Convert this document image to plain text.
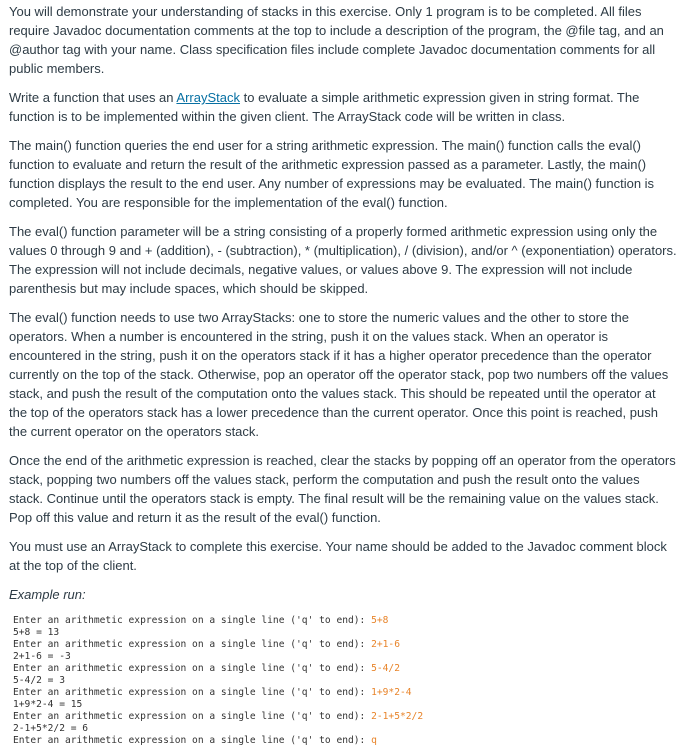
You will demonstrate your understanding of stacks in this exercise. Only 1 program is to be completed. All files require Javadoc documentation comments at the top to include a description of the program, the @file tag, and an @author tag with your name. Class specification files include complete Javadoc documentation comments for all public members.

Write a function that uses an ArrayStack to evaluate a simple arithmetic expression given in string format. The function is to be implemented within the given client. The ArrayStack code will be written in class.

The main() function queries the end user for a string arithmetic expression. The main() function calls the eval() function to evaluate and return the result of the arithmetic expression passed as a parameter. Lastly, the main() function displays the result to the end user. Any number of expressions may be evaluated. The main() function is completed. You are responsible for the implementation of the eval() function.

The eval() function parameter will be a string consisting of a properly formed arithmetic expression using only the values 0 through 9 and + (addition), - (subtraction), * (multiplication), / (division), and/or ^ (exponentiation) operators. The expression will not include decimals, negative values, or values above 9. The expression will not include parenthesis but may include spaces, which should be skipped.

The eval() function needs to use two ArrayStacks: one to store the numeric values and the other to store the operators. When a number is encountered in the string, push it on the values stack. When an operator is encountered in the string, push it on the operators stack if it has a higher operator precedence than the operator currently on the top of the stack. Otherwise, pop an operator off the operator stack, pop two numbers off the values stack, and push the result of the computation onto the values stack. This should be repeated until the operator at the top of the operators stack has a lower precedence than the current operator. Once this point is reached, push the current operator on the operators stack.

Once the end of the arithmetic expression is reached, clear the stacks by popping off an operator from the operators stack, popping two numbers off the values stack, perform the computation and push the result onto the values stack. Continue until the operators stack is empty. The final result will be the remaining value on the values stack. Pop off this value and return it as the result of the eval() function.

You must use an ArrayStack to complete this exercise. Your name should be added to the Javadoc comment block at the top of the client.

Example run:

Enter an arithmetic expression on a single line ('q' to end): 5+8
5+8 = 13
Enter an arithmetic expression on a single line ('q' to end): 2+1-6
2+1-6 = -3
Enter an arithmetic expression on a single line ('q' to end): 5-4/2
5-4/2 = 3
Enter an arithmetic expression on a single line ('q' to end): 1+9*2-4
1+9*2-4 = 15
Enter an arithmetic expression on a single line ('q' to end): 2-1+5*2/2
2-1+5*2/2 = 6
Enter an arithmetic expression on a single line ('q' to end): q
